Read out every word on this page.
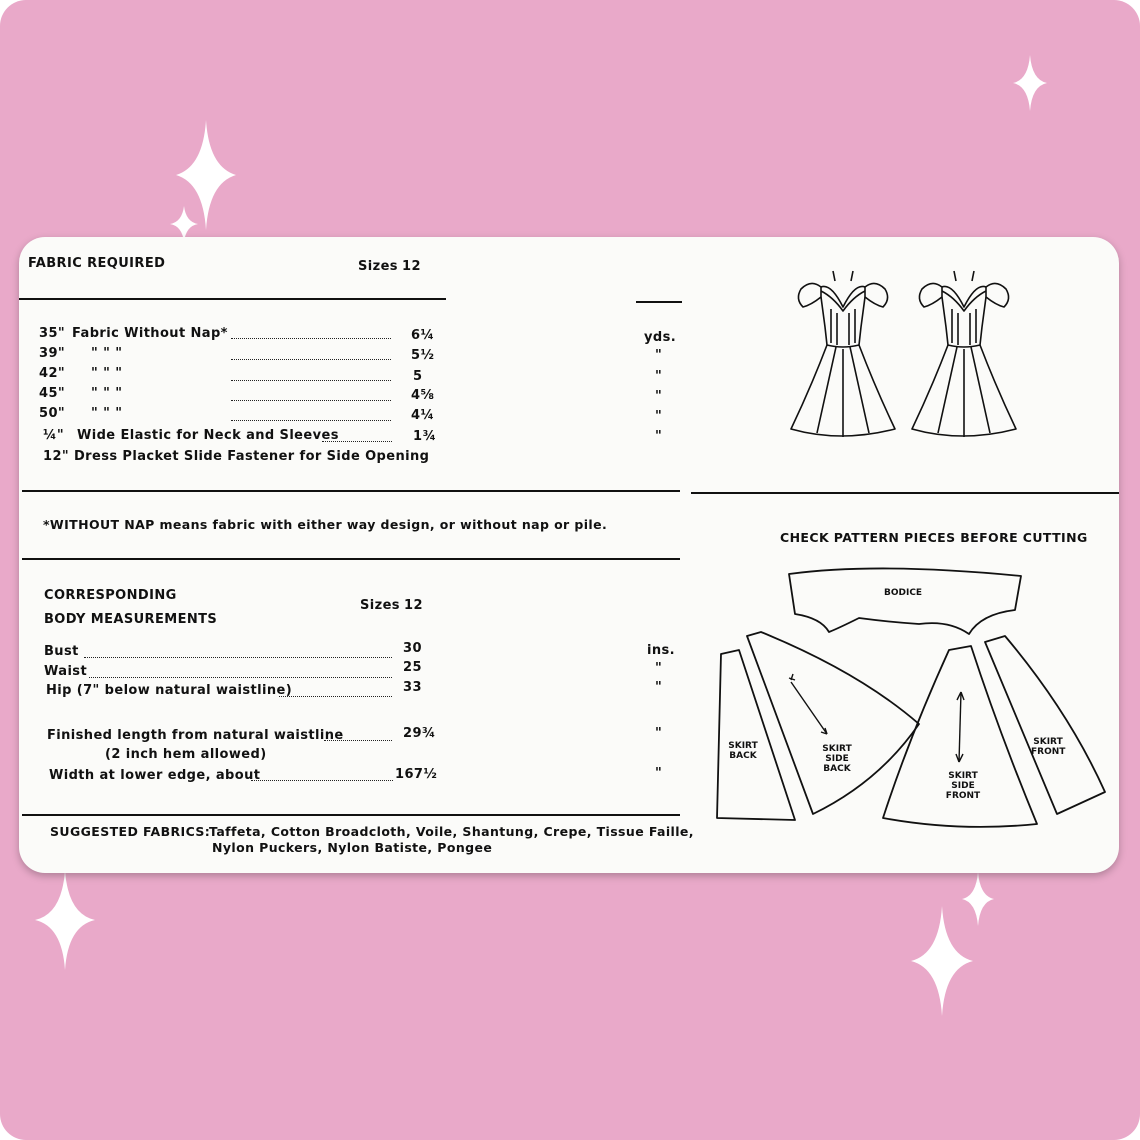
FABRIC REQUIRED	Sizes 12
35" Fabric Without Nap*	6¼	yds.
39" " " "	5½	"
42" " " "	5	"
45" " " "	4⅝	"
50" " " "	4¼	"
¼" Wide Elastic for Neck and Sleeves	1¾	"
12" Dress Placket Slide Fastener for Side Opening
*WITHOUT NAP means fabric with either way design, or without nap or pile.
CORRESPONDING
BODY MEASUREMENTS
Sizes 12
Bust	30	ins.
Waist	25	"
Hip (7" below natural waistline)	33	"
Finished length from natural waistline	29¾	"
(2 inch hem allowed)
Width at lower edge, about	167½	"
SUGGESTED FABRICS:
Taffeta, Cotton Broadcloth, Voile, Shantung, Crepe, Tissue Faille,
Nylon Puckers, Nylon Batiste, Pongee
CHECK PATTERN PIECES BEFORE CUTTING
BODICE
SKIRT
BACK
SKIRT
SIDE
BACK
SKIRT
SIDE
FRONT
SKIRT
FRONT
